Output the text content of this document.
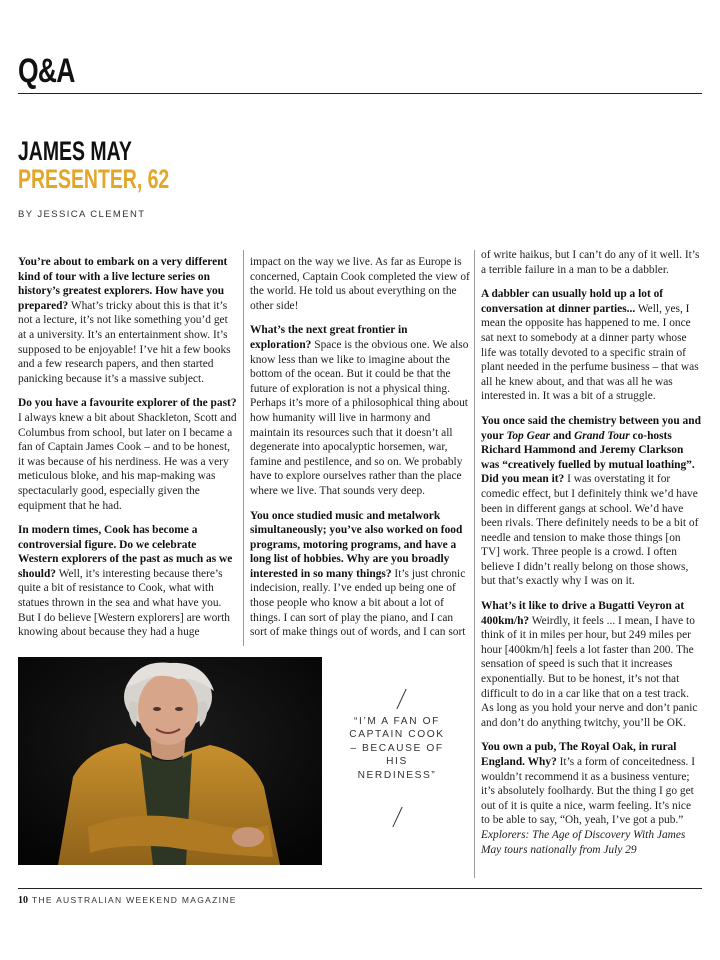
Q&A
JAMES MAY
PRESENTER, 62
BY JESSICA CLEMENT

You’re about to embark on a very different kind of tour with a live lecture series on history’s greatest explorers. How have you prepared? What’s tricky about this is that it’s not a lecture, it’s not like something you’d get at a university. It’s an entertainment show. It’s supposed to be enjoyable! I’ve hit a few books and a few research papers, and then started panicking because it’s a massive subject.

Do you have a favourite explorer of the past? I always knew a bit about Shackleton, Scott and Columbus from school, but later on I became a fan of Captain James Cook – and to be honest, it was because of his nerdiness. He was a very meticulous bloke, and his map-making was spectacularly good, especially given the equipment that he had.

In modern times, Cook has become a controversial figure. Do we celebrate Western explorers of the past as much as we should? Well, it’s interesting because there’s quite a bit of resistance to Cook, what with statues thrown in the sea and what have you. But I do believe [Western explorers] are worth knowing about because they had a huge

impact on the way we live. As far as Europe is concerned, Captain Cook completed the view of the world. He told us about everything on the other side!

What’s the next great frontier in exploration? Space is the obvious one. We also know less than we like to imagine about the bottom of the ocean. But it could be that the future of exploration is not a physical thing. Perhaps it’s more of a philosophical thing about how humanity will live in harmony and maintain its resources such that it doesn’t all degenerate into apocalyptic horsemen, war, famine and pestilence, and so on. We probably have to explore ourselves rather than the place where we live. That sounds very deep.

You once studied music and metalwork simultaneously; you’ve also worked on food programs, motoring programs, and have a long list of hobbies. Why are you broadly interested in so many things? It’s just chronic indecision, really. I’ve ended up being one of those people who know a bit about a lot of things. I can sort of play the piano, and I can sort of make things out of words, and I can sort

of write haikus, but I can’t do any of it well. It’s a terrible failure in a man to be a dabbler.

A dabbler can usually hold up a lot of conversation at dinner parties... Well, yes, I mean the opposite has happened to me. I once sat next to somebody at a dinner party whose life was totally devoted to a specific strain of plant needed in the perfume business – that was all he knew about, and that was all he was interested in. It was a bit of a struggle.

You once said the chemistry between you and your Top Gear and Grand Tour co-hosts Richard Hammond and Jeremy Clarkson was “creatively fuelled by mutual loathing”. Did you mean it? I was overstating it for comedic effect, but I definitely think we’d have been in different gangs at school. We’d have been rivals. There definitely needs to be a bit of needle and tension to make those things [on TV] work. Three people is a crowd. I often believe I didn’t really belong on those shows, but that’s exactly why I was on it.

What’s it like to drive a Bugatti Veyron at 400km/h? Weirdly, it feels ... I mean, I have to think of it in miles per hour, but 249 miles per hour [400km/h] feels a lot faster than 200. The sensation of speed is such that it increases exponentially. But to be honest, it’s not that difficult to do in a car like that on a test track. As long as you hold your nerve and don’t panic and don’t do anything twitchy, you’ll be OK.

You own a pub, The Royal Oak, in rural England. Why? It’s a form of conceitedness. I wouldn’t recommend it as a business venture; it’s absolutely foolhardy. But the thing I go get out of it is quite a nice, warm feeling. It’s nice to be able to say, “Oh, yeah, I’ve got a pub.”
Explorers: The Age of Discovery With James May tours nationally from July 29

“I’M A FAN OF CAPTAIN COOK – BECAUSE OF HIS NERDINESS”
10 THE AUSTRALIAN WEEKEND MAGAZINE
